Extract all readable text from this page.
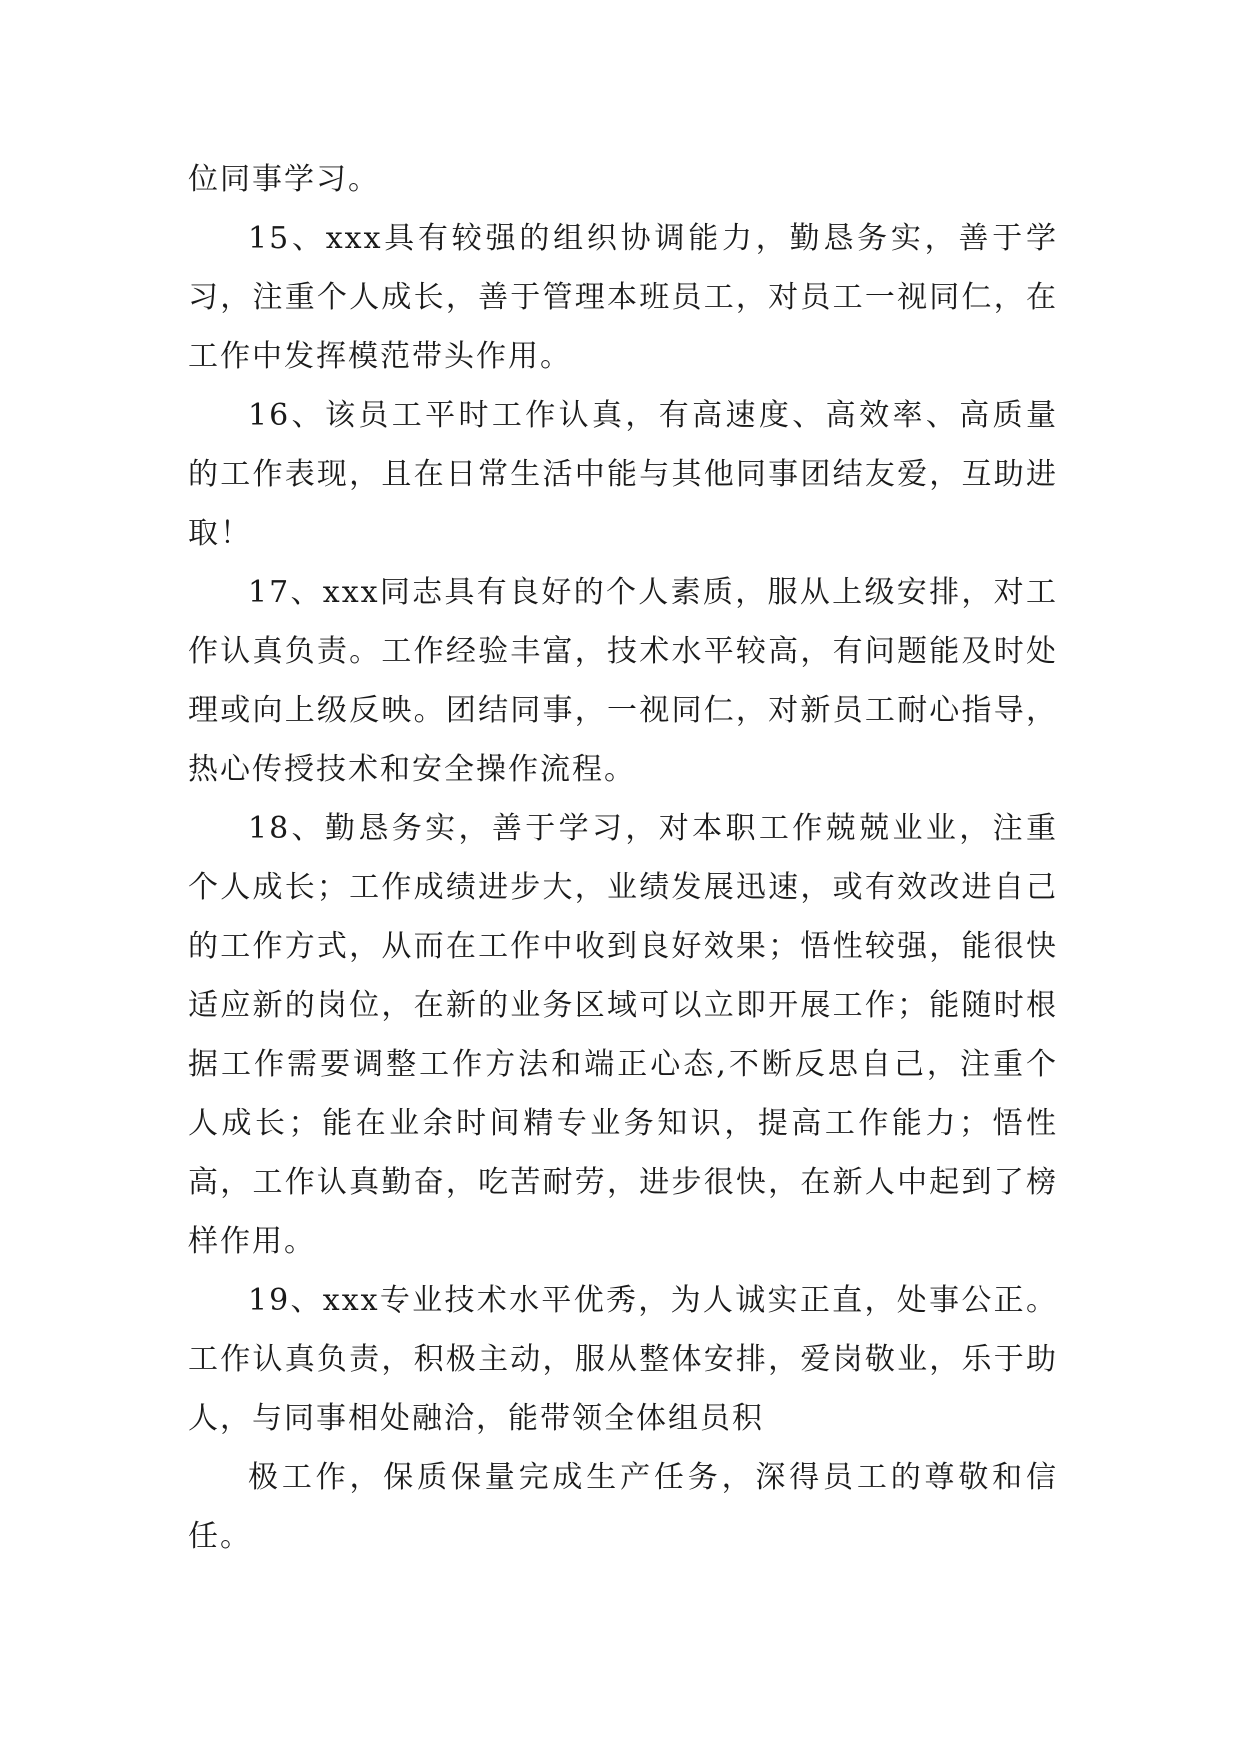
位同事学习。

15、xxx具有较强的组织协调能力，勤恳务实，善于学习，注重个人成长，善于管理本班员工，对员工一视同仁，在工作中发挥模范带头作用。

16、该员工平时工作认真，有高速度、高效率、高质量的工作表现，且在日常生活中能与其他同事团结友爱，互助进取！

17、xxx同志具有良好的个人素质，服从上级安排，对工作认真负责。工作经验丰富，技术水平较高，有问题能及时处理或向上级反映。团结同事，一视同仁，对新员工耐心指导，热心传授技术和安全操作流程。

18、勤恳务实，善于学习，对本职工作兢兢业业，注重个人成长；工作成绩进步大，业绩发展迅速，或有效改进自己的工作方式，从而在工作中收到良好效果；悟性较强，能很快适应新的岗位，在新的业务区域可以立即开展工作；能随时根据工作需要调整工作方法和端正心态,不断反思自己，注重个人成长；能在业余时间精专业务知识，提高工作能力；悟性高，工作认真勤奋，吃苦耐劳，进步很快，在新人中起到了榜样作用。

19、xxx专业技术水平优秀，为人诚实正直，处事公正。工作认真负责，积极主动，服从整体安排，爱岗敬业，乐于助人，与同事相处融洽，能带领全体组员积

极工作，保质保量完成生产任务，深得员工的尊敬和信任。
